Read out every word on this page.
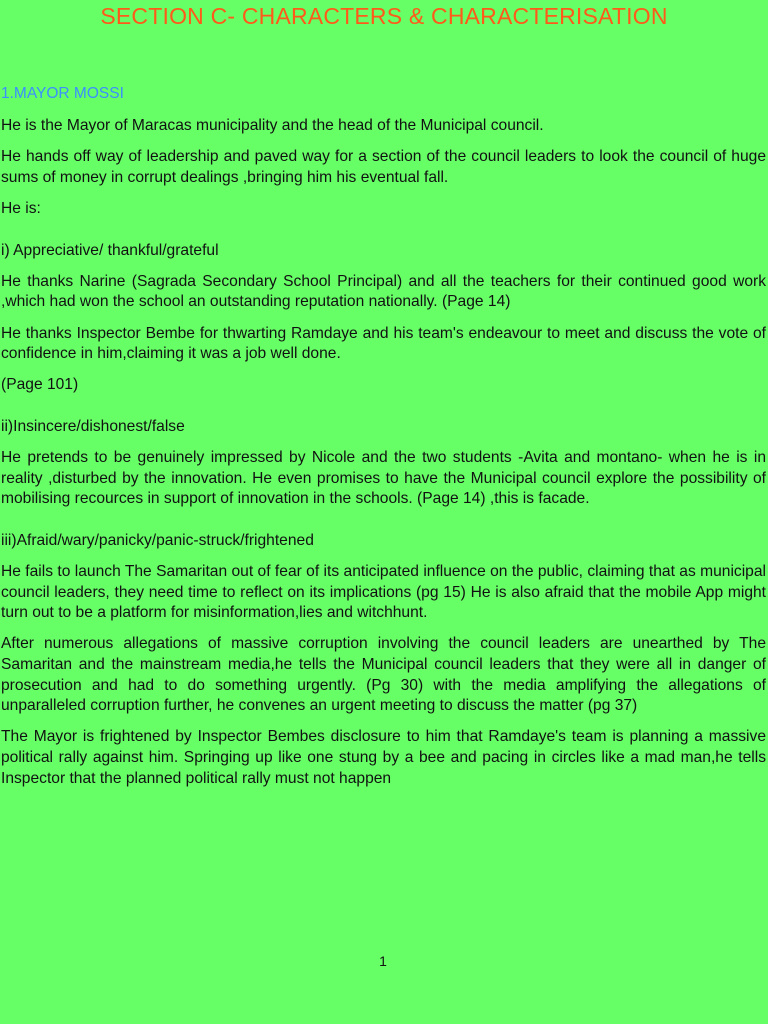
SECTION C- CHARACTERS & CHARACTERISATION
1.MAYOR MOSSI

He is the Mayor of Maracas municipality and the head of the Municipal council.

He hands off way of leadership and paved way for a section of the council leaders to look the council of huge sums of money in corrupt dealings ,bringing him his eventual fall.

He is:

i) Appreciative/ thankful/grateful

He thanks Narine (Sagrada Secondary School Principal) and all the teachers for their continued good work ,which had won the school an outstanding reputation nationally. (Page 14)

He thanks Inspector Bembe for thwarting Ramdaye and his team's endeavour to meet and discuss the vote of confidence in him,claiming it was a job well done.

(Page 101)

ii)Insincere/dishonest/false

He pretends to be genuinely impressed by Nicole and the two students -Avita and montano- when he is in reality ,disturbed by the innovation. He even promises to have the Municipal council explore the possibility of mobilising recources in support of innovation in the schools. (Page 14) ,this is facade.

iii)Afraid/wary/panicky/panic-struck/frightened

He fails to launch The Samaritan out of fear of its anticipated influence on the public, claiming that as municipal council leaders, they need time to reflect on its implications (pg 15) He is also afraid that the mobile App might turn out to be a platform for misinformation,lies and witchhunt.

After numerous allegations of massive corruption involving the council leaders are unearthed by The Samaritan and the mainstream media,he tells the Municipal council leaders that they were all in danger of prosecution and had to do something urgently. (Pg 30) with the media amplifying the allegations of unparalleled corruption further, he convenes an urgent meeting to discuss the matter (pg 37)

The Mayor is frightened by Inspector Bembes disclosure to him that Ramdaye's team is planning a massive political rally against him. Springing up like one stung by a bee and pacing in circles like a mad man,he tells Inspector that the planned political rally must not happen

1
